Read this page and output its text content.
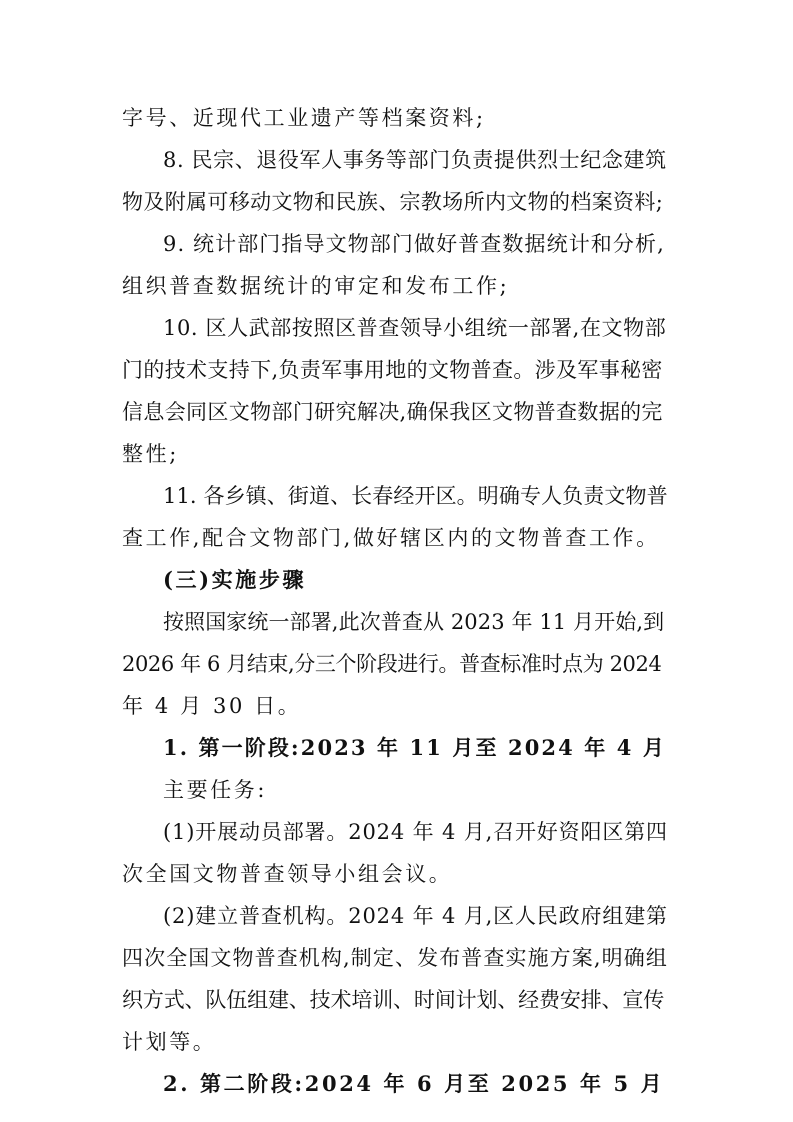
字号、近现代工业遗产等档案资料;
8. 民宗、退役军人事务等部门负责提供烈士纪念建筑
物及附属可移动文物和民族、宗教场所内文物的档案资料;
9. 统计部门指导文物部门做好普查数据统计和分析,
组织普查数据统计的审定和发布工作;
10. 区人武部按照区普查领导小组统一部署,在文物部
门的技术支持下,负责军事用地的文物普查。涉及军事秘密
信息会同区文物部门研究解决,确保我区文物普查数据的完
整性;
11. 各乡镇、街道、长春经开区。明确专人负责文物普
查工作,配合文物部门,做好辖区内的文物普查工作。
(三)实施步骤
按照国家统一部署,此次普查从 2023 年 11 月开始,到
2026 年 6 月结束,分三个阶段进行。普查标准时点为 2024
年 4 月 30 日。
1. 第一阶段:2023 年 11 月至 2024 年 4 月
主要任务:
(1)开展动员部署。2024 年 4 月,召开好资阳区第四
次全国文物普查领导小组会议。
(2)建立普查机构。2024 年 4 月,区人民政府组建第
四次全国文物普查机构,制定、发布普查实施方案,明确组
织方式、队伍组建、技术培训、时间计划、经费安排、宣传
计划等。
2. 第二阶段:2024 年 6 月至 2025 年 5 月
